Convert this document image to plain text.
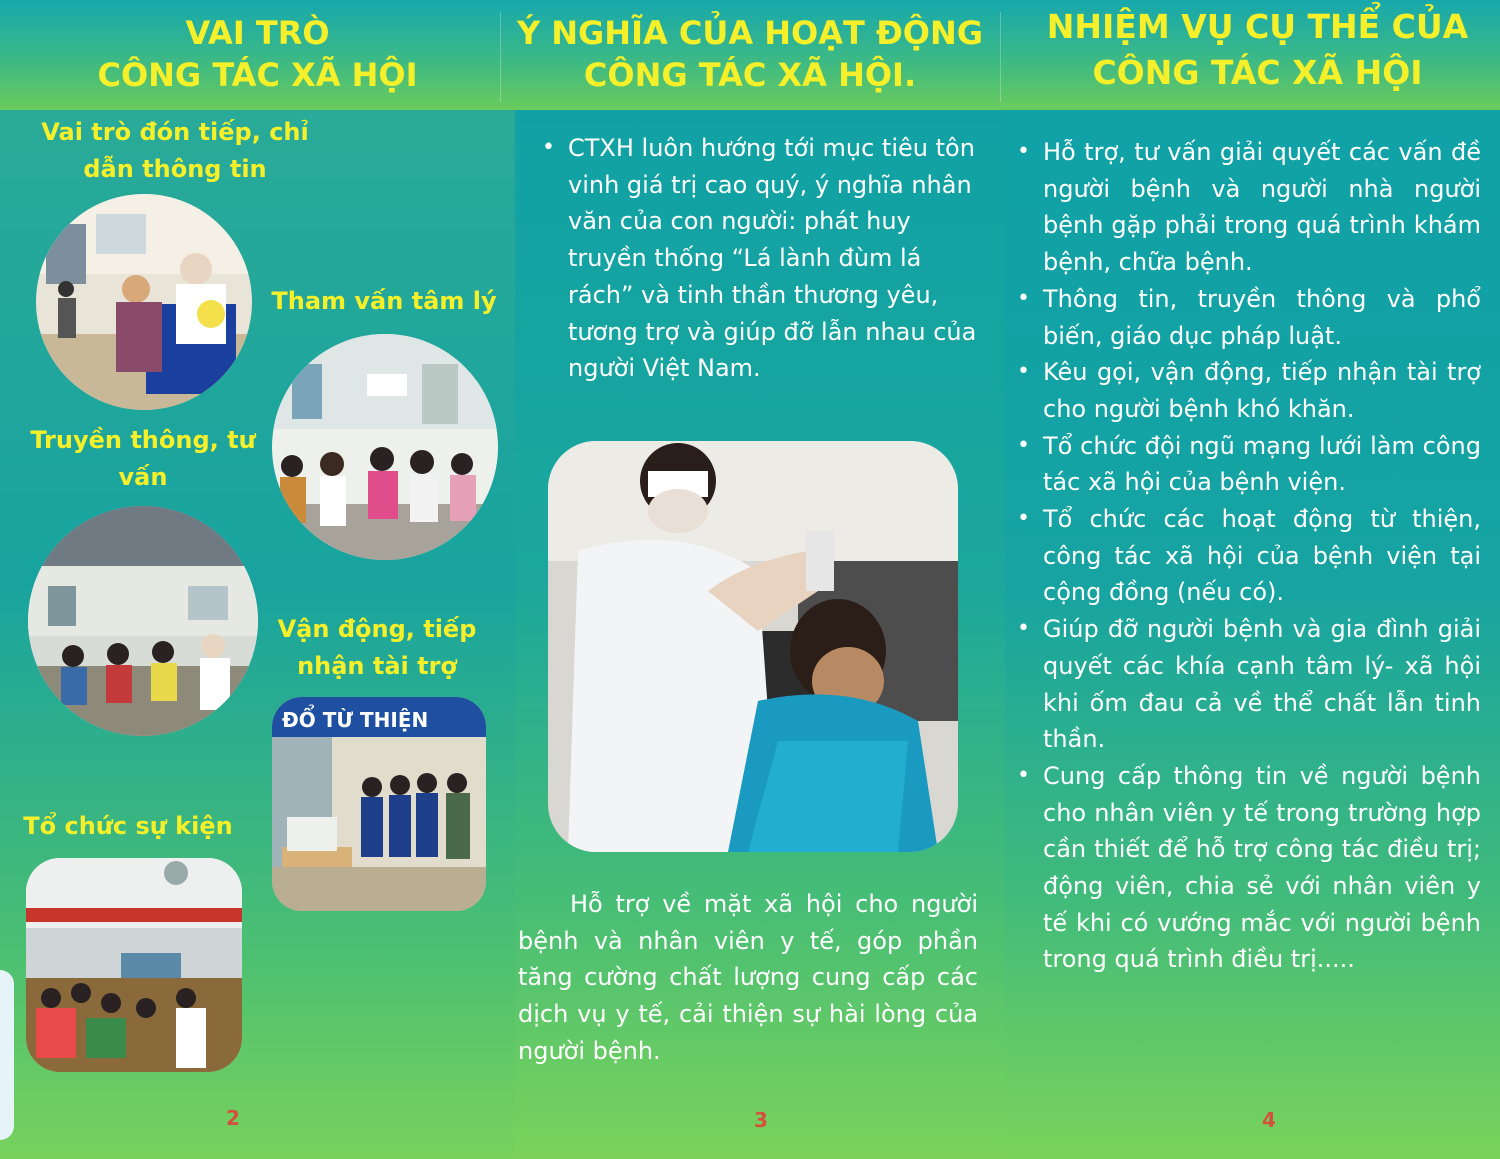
VAI TRÒ
CÔNG TÁC XÃ HỘI
Ý NGHĨA CỦA HOẠT ĐỘNG
CÔNG TÁC XÃ HỘI.
NHIỆM VỤ CỤ THỂ CỦA
CÔNG TÁC XÃ HỘI
Vai trò đón tiếp, chỉ dẫn thông tin
Tham vấn tâm lý
Truyền thông, tư vấn
Vận động, tiếp nhận tài trợ
Tổ chức sự kiện
ĐỔ TỪ THIỆN
2
• CTXH luôn hướng tới mục tiêu tôn vinh giá trị cao quý, ý nghĩa nhân văn của con người: phát huy truyền thống “Lá lành đùm lá rách” và tinh thần thương yêu, tương trợ và giúp đỡ lẫn nhau của người Việt Nam.
Hỗ trợ về mặt xã hội cho người bệnh và nhân viên y tế, góp phần tăng cường chất lượng cung cấp các dịch vụ y tế, cải thiện sự hài lòng của người bệnh.
3
• Hỗ trợ, tư vấn giải quyết các vấn đề người bệnh và người nhà người bệnh gặp phải trong quá trình khám bệnh, chữa bệnh.
• Thông tin, truyền thông và phổ biến, giáo dục pháp luật.
• Kêu gọi, vận động, tiếp nhận tài trợ cho người bệnh khó khăn.
• Tổ chức đội ngũ mạng lưới làm công tác xã hội của bệnh viện.
• Tổ chức các hoạt động từ thiện, công tác xã hội của bệnh viện tại cộng đồng (nếu có).
• Giúp đỡ người bệnh và gia đình giải quyết các khía cạnh tâm lý- xã hội khi ốm đau cả về thể chất lẫn tinh thần.
• Cung cấp thông tin về người bệnh cho nhân viên y tế trong trường hợp cần thiết để hỗ trợ công tác điều trị; động viên, chia sẻ với nhân viên y tế khi có vướng mắc với người bệnh trong quá trình điều trị.....
4
